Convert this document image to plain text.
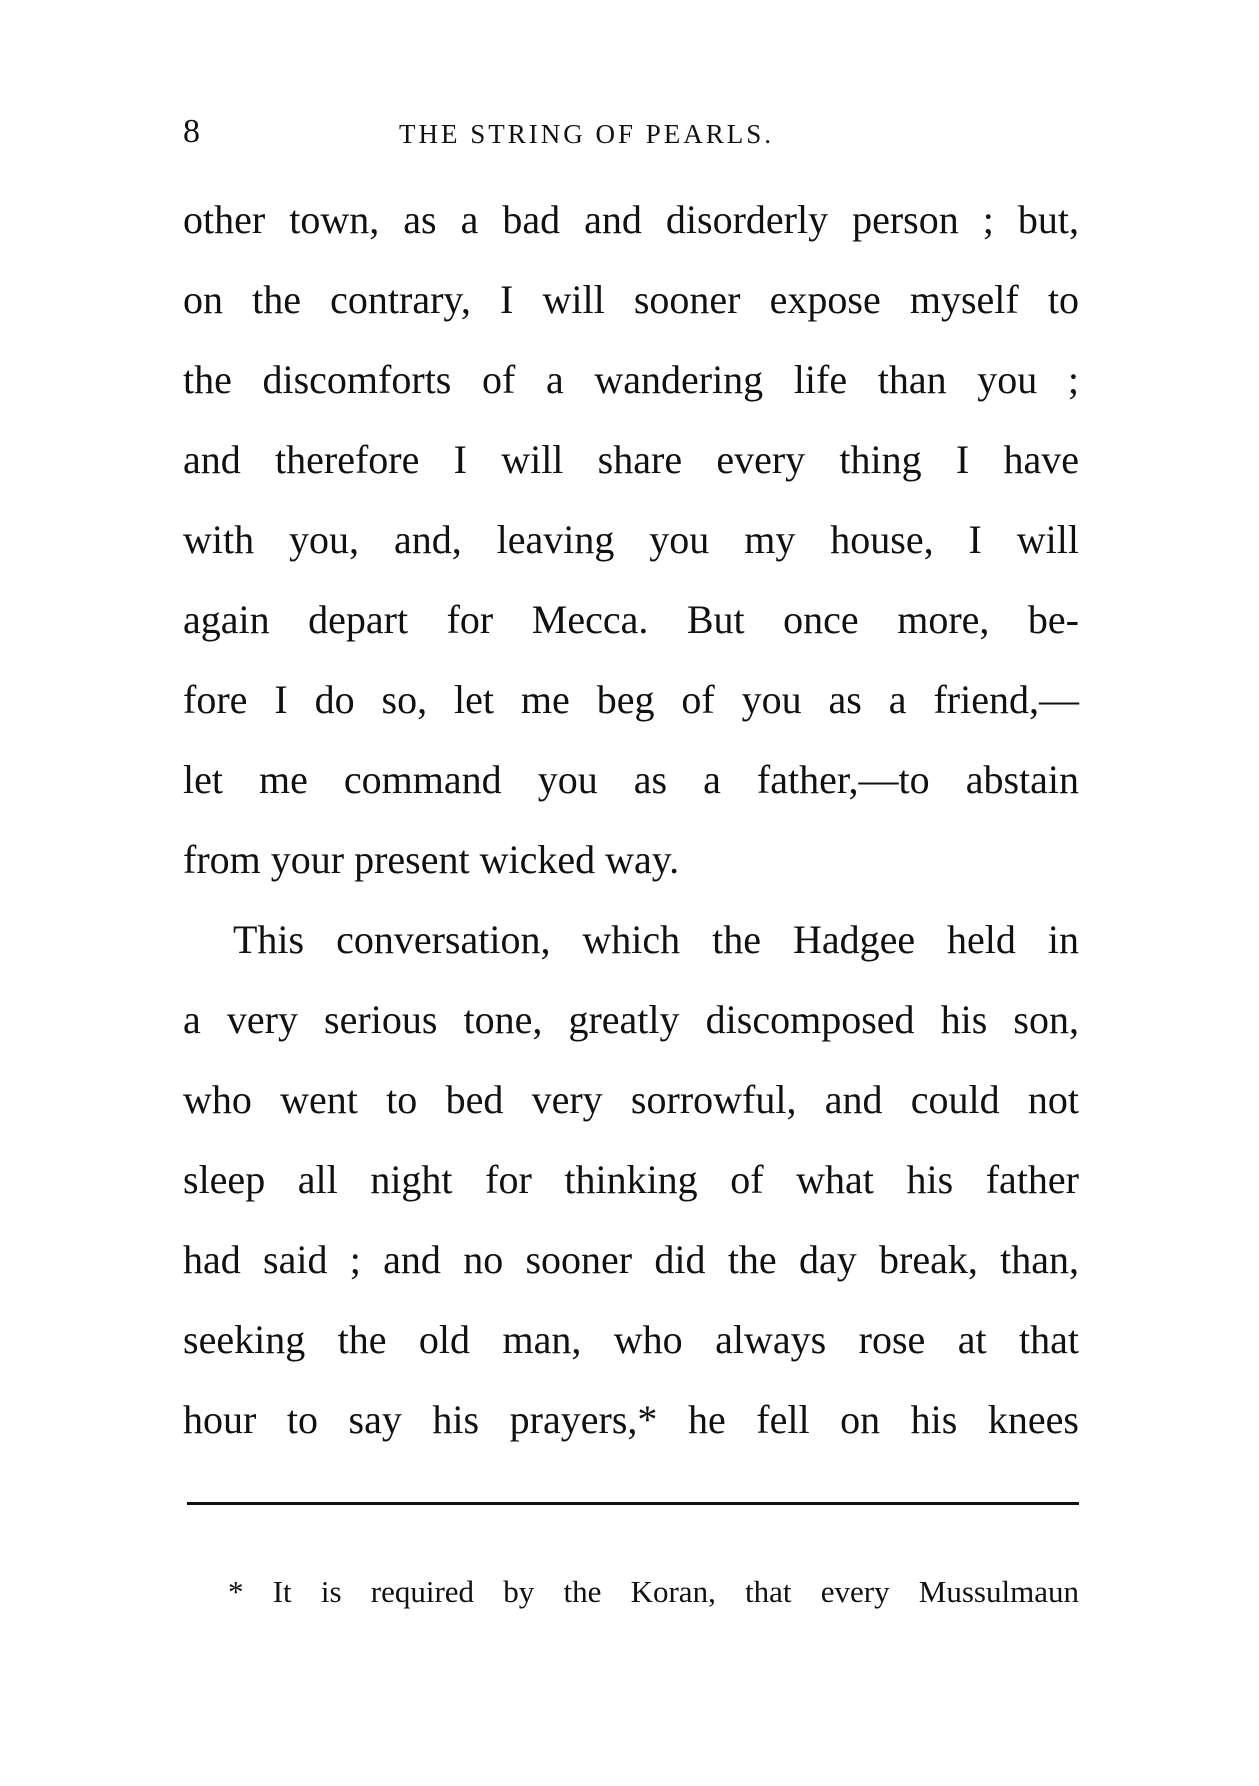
8	THE STRING OF PEARLS.
other town, as a bad and disorderly person ; but,
on the contrary, I will sooner expose myself to
the discomforts of a wandering life than you ;
and therefore I will share every thing I have
with you, and, leaving you my house, I will
again depart for Mecca. But once more, be-
fore I do so, let me beg of you as a friend,—
let me command you as a father,—to abstain
from your present wicked way.
This conversation, which the Hadgee held in
a very serious tone, greatly discomposed his son,
who went to bed very sorrowful, and could not
sleep all night for thinking of what his father
had said ; and no sooner did the day break, than,
seeking the old man, who always rose at that
hour to say his prayers,* he fell on his knees
* It is required by the Koran, that every Mussulmaun
